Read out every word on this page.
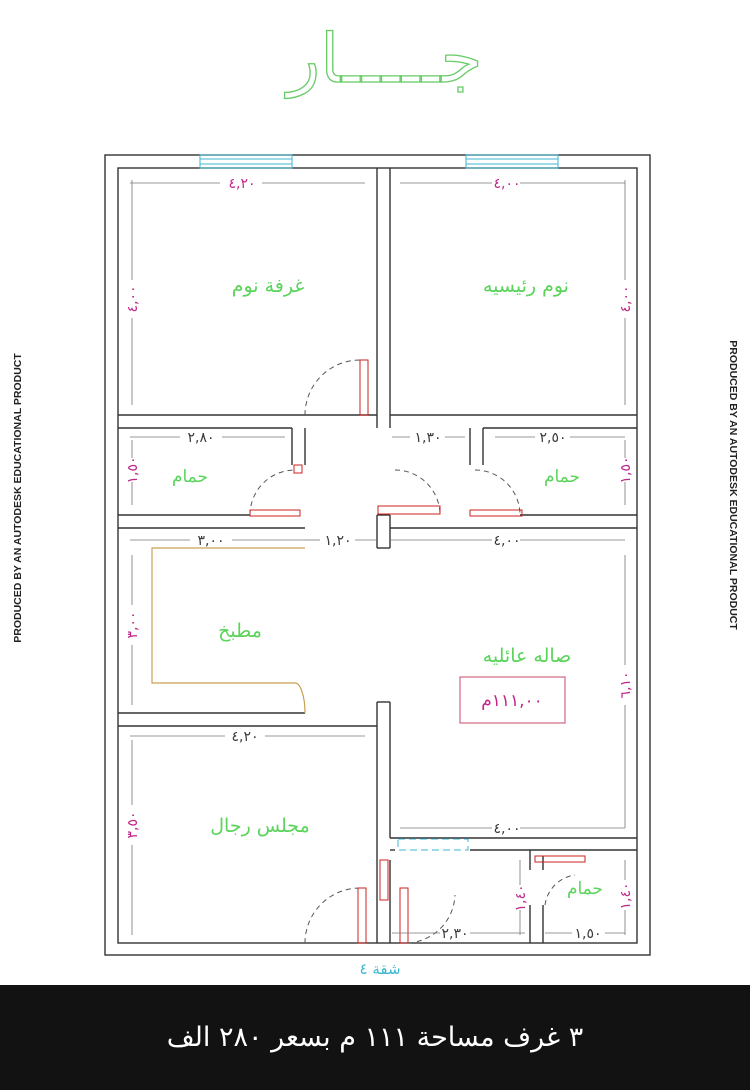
جـــــار
PRODUCED BY AN AUTODESK EDUCATIONAL PRODUCT	PRODUCED BY AN AUTODESK EDUCATIONAL PRODUCT
غرفة نوم	نوم رئيسيه
حمام	حمام
مطبخ
صاله عائليه
مجلس رجال
حمام
١١١,٠٠م
شقة ٤
٤,٢٠	٤,٠٠
٤,٠٠	٤,٠٠
٢,٨٠	١,٣٠	٢,٥٠
١,٥٠	١,٥٠
٣,٠٠	١,٢٠	٤,٠٠
٣,٠٠
٦,١٠
٤,٢٠
٣,٥٠	٤,٠٠
١,٤٠	١,٤٠
٢,٣٠	١,٥٠
٣ غرف مساحة ١١١ م بسعر ٢٨٠ الف
